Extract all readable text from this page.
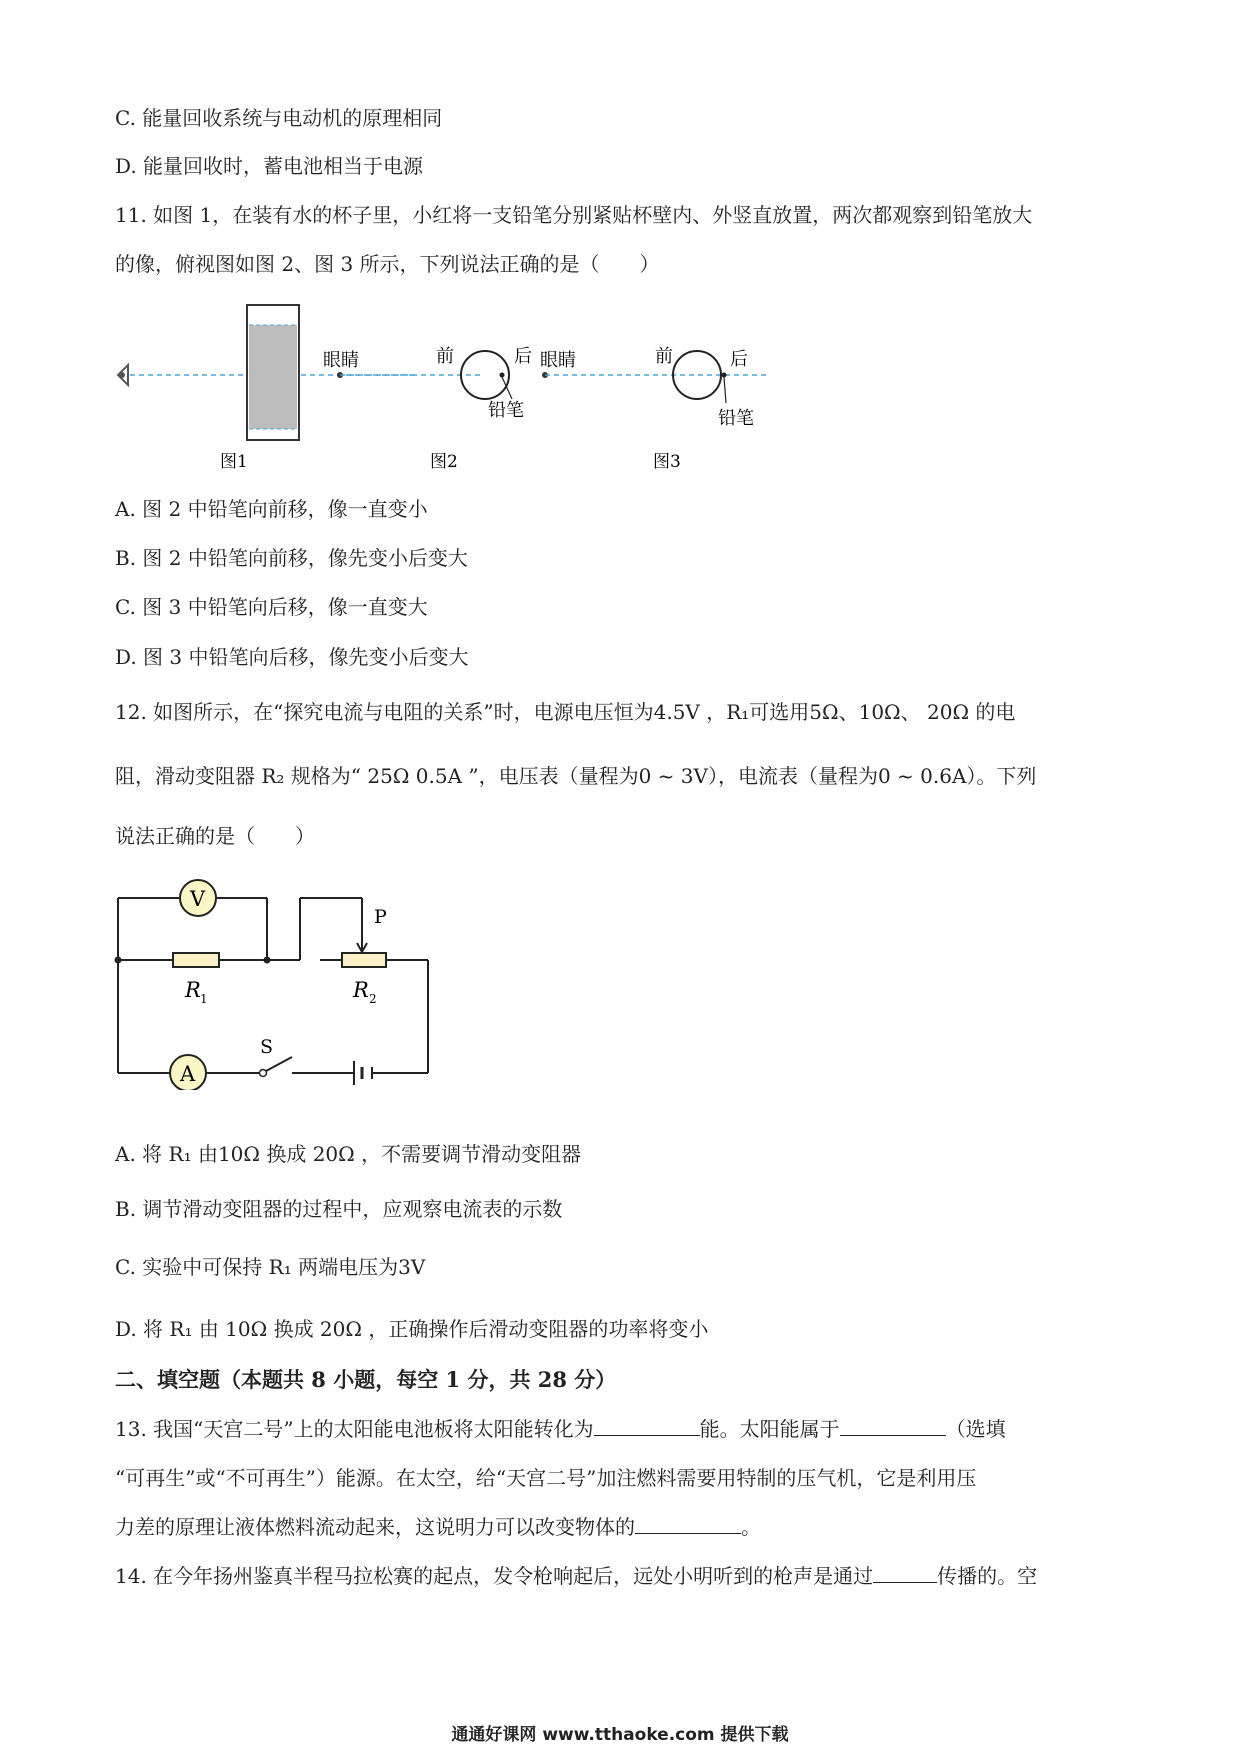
C. 能量回收系统与电动机的原理相同
D. 能量回收时，蓄电池相当于电源
11. 如图 1，在装有水的杯子里，小红将一支铅笔分别紧贴杯壁内、外竖直放置，两次都观察到铅笔放大
的像，俯视图如图 2、图 3 所示，下列说法正确的是（　　）
眼睛	前	后
铅笔
眼睛	前	后
铅笔
图1	图2	图3
A. 图 2 中铅笔向前移，像一直变小
B. 图 2 中铅笔向前移，像先变小后变大
C. 图 3 中铅笔向后移，像一直变大
D. 图 3 中铅笔向后移，像先变小后变大
12. 如图所示，在“探究电流与电阻的关系”时，电源电压恒为4.5V ，R₁可选用5Ω、10Ω、 20Ω 的电
阻，滑动变阻器 R₂ 规格为“ 25Ω 0.5A ”，电压表（量程为0 ~ 3V），电流表（量程为0 ~ 0.6A）。下列
说法正确的是（　　）
V
R 1
P
R 2
A
S
A. 将 R₁ 由10Ω 换成 20Ω ，不需要调节滑动变阻器
B. 调节滑动变阻器的过程中，应观察电流表的示数
C. 实验中可保持 R₁ 两端电压为3V
D. 将 R₁ 由 10Ω 换成 20Ω ，正确操作后滑动变阻器的功率将变小
二、填空题（本题共 8 小题，每空 1 分，共 28 分）
13. 我国“天宫二号”上的太阳能电池板将太阳能转化为	能。太阳能属于	（选填
“可再生”或“不可再生”）能源。在太空，给“天宫二号”加注燃料需要用特制的压气机，它是利用压
力差的原理让液体燃料流动起来，这说明力可以改变物体的	。
14. 在今年扬州鉴真半程马拉松赛的起点，发令枪响起后，远处小明听到的枪声是通过	传播的。空
通通好课网 www.tthaoke.com 提供下载
